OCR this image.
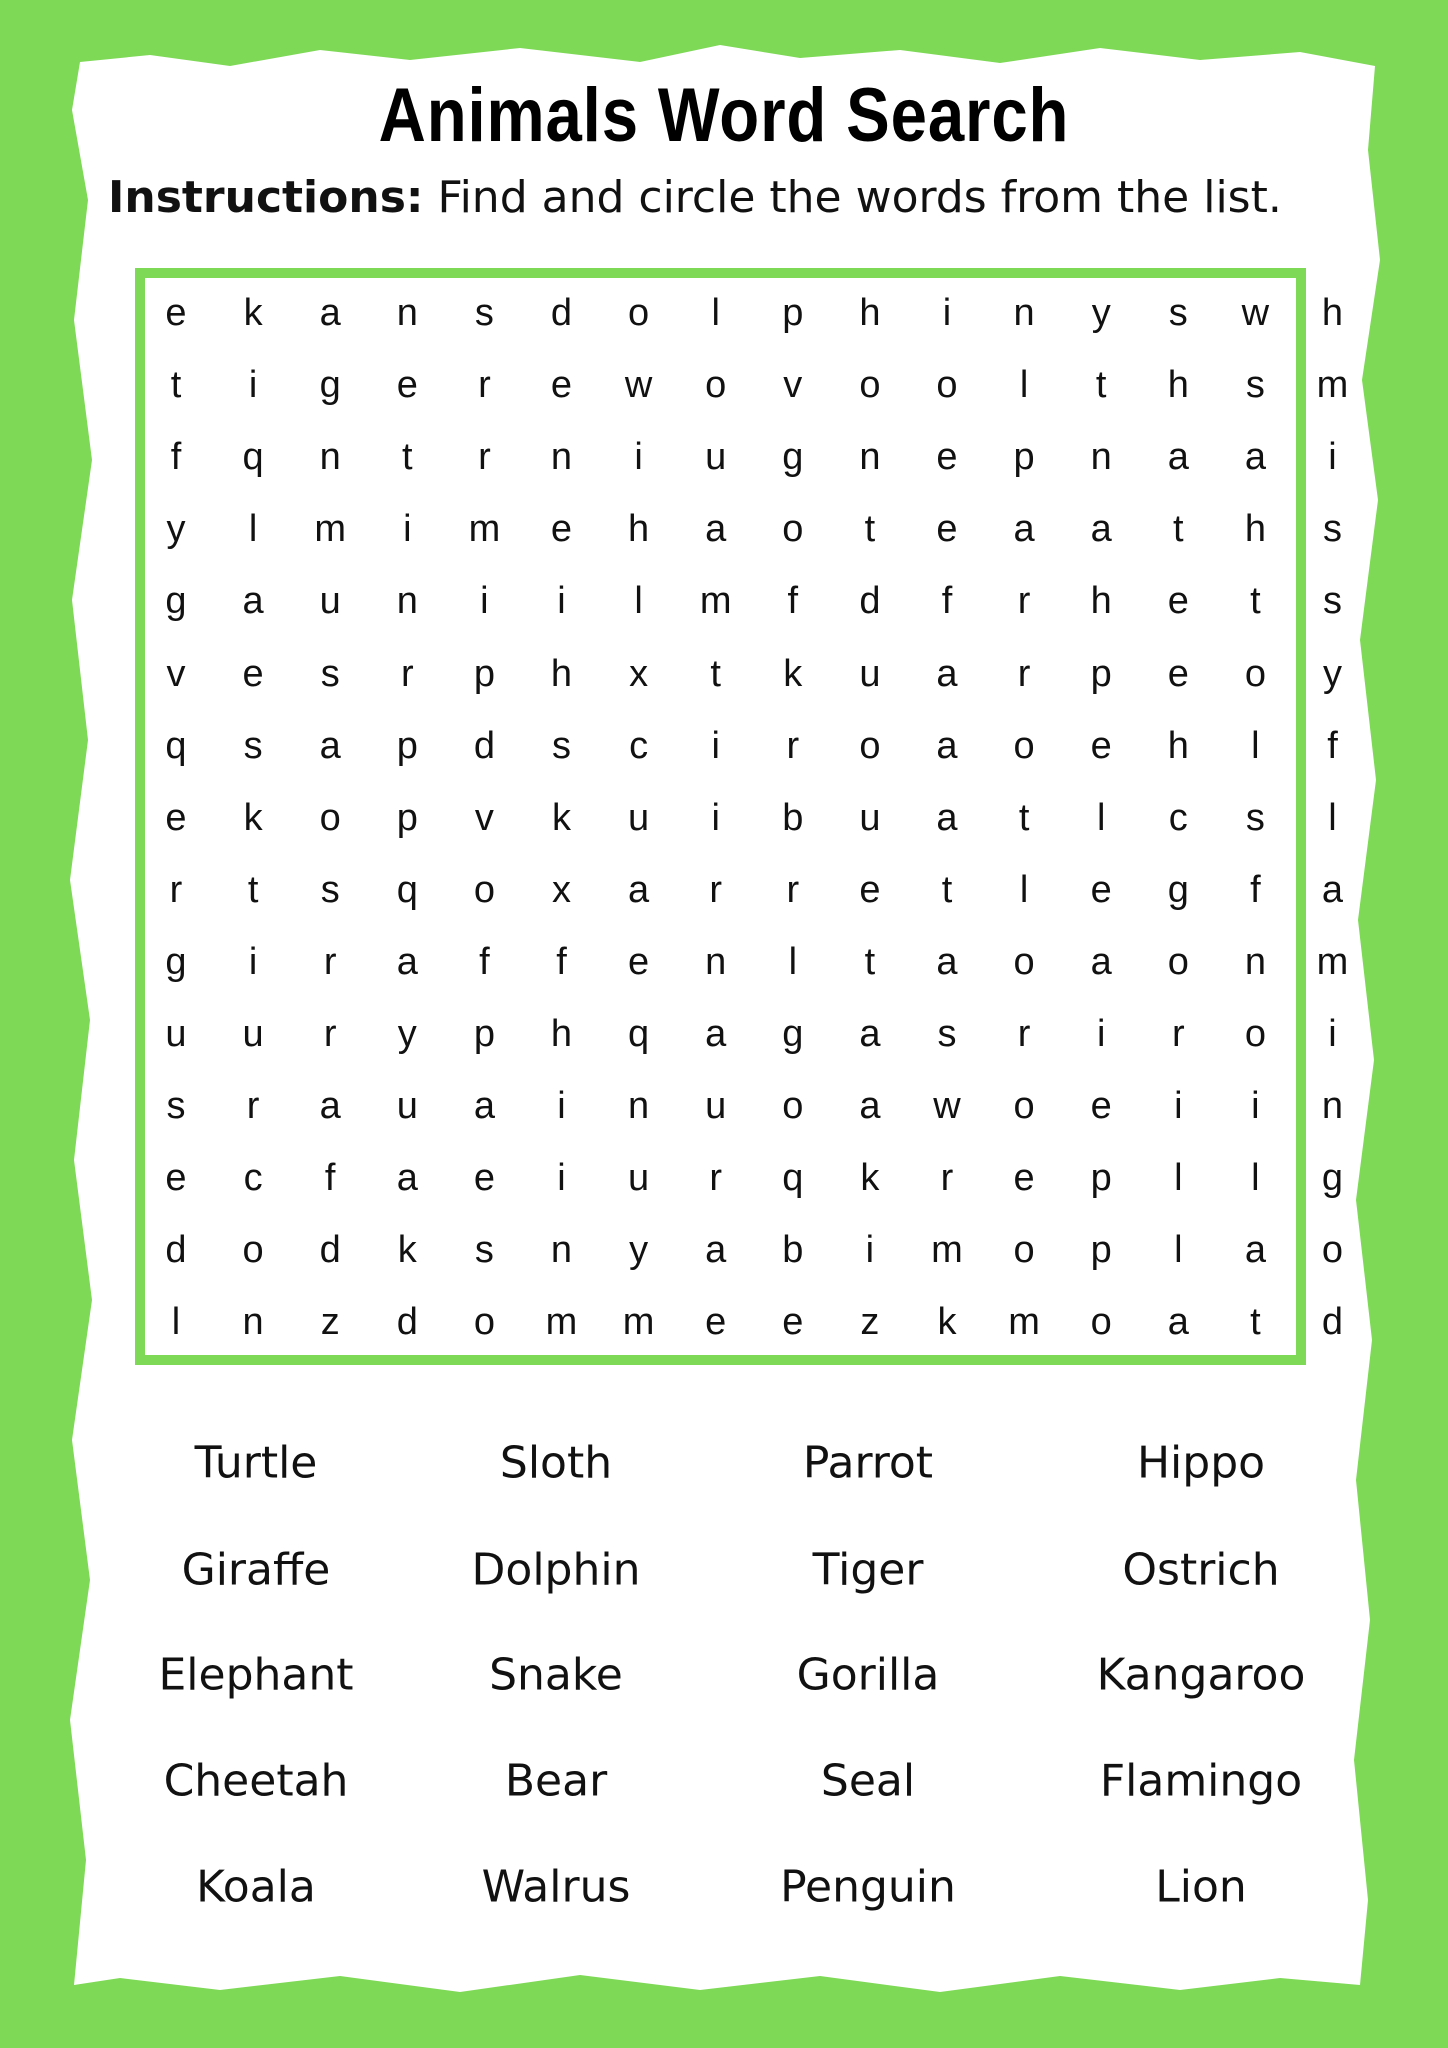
Animals Word Search
Instructions: Find and circle the words from the list.
e	k	a	n	s	d	o	l	p	h	i	n	y	s	w	h
t	i	g	e	r	e	w	o	v	o	o	l	t	h	s	m
f	q	n	t	r	n	i	u	g	n	e	p	n	a	a	i
y	l	m	i	m	e	h	a	o	t	e	a	a	t	h	s
g	a	u	n	i	i	l	m	f	d	f	r	h	e	t	s
v	e	s	r	p	h	x	t	k	u	a	r	p	e	o	y
q	s	a	p	d	s	c	i	r	o	a	o	e	h	l	f
e	k	o	p	v	k	u	i	b	u	a	t	l	c	s	l
r	t	s	q	o	x	a	r	r	e	t	l	e	g	f	a
g	i	r	a	f	f	e	n	l	t	a	o	a	o	n	m
u	u	r	y	p	h	q	a	g	a	s	r	i	r	o	i
s	r	a	u	a	i	n	u	o	a	w	o	e	i	i	n
e	c	f	a	e	i	u	r	q	k	r	e	p	l	l	g
d	o	d	k	s	n	y	a	b	i	m	o	p	l	a	o
l	n	z	d	o	m	m	e	e	z	k	m	o	a	t	d
Turtle	Sloth	Parrot	Hippo
Giraffe	Dolphin	Tiger	Ostrich
Elephant	Snake	Gorilla	Kangaroo
Cheetah	Bear	Seal	Flamingo
Koala	Walrus	Penguin	Lion
